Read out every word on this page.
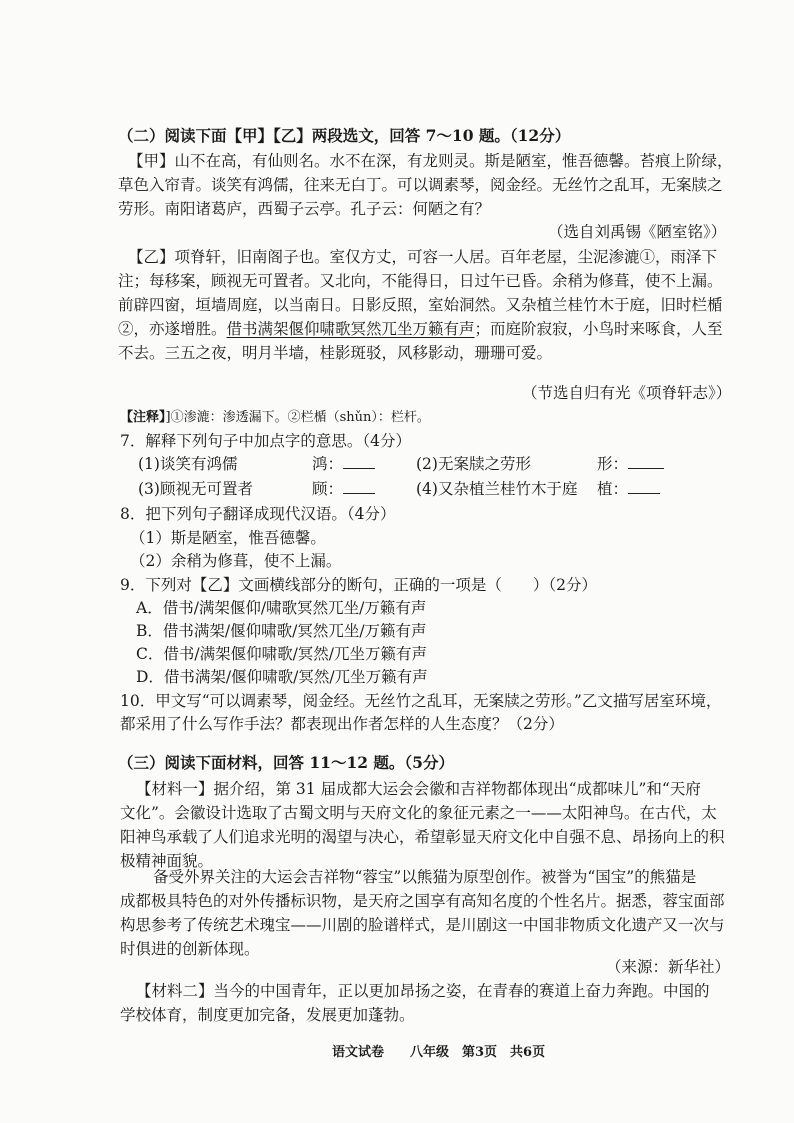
（二）阅读下面【甲】【乙】两段选文，回答 7～10 题。（12分）
【甲】山不在高，有仙则名。水不在深，有龙则灵。斯是陋室，惟吾德馨。苔痕上阶绿，
草色入帘青。谈笑有鸿儒，往来无白丁。可以调素琴，阅金经。无丝竹之乱耳，无案牍之
劳形。南阳诸葛庐，西蜀子云亭。孔子云：何陋之有？
（选自刘禹锡《陋室铭》）
【乙】项脊轩，旧南阁子也。室仅方丈，可容一人居。百年老屋，尘泥渗漉①，雨泽下
注；每移案，顾视无可置者。又北向，不能得日，日过午已昏。余稍为修葺，使不上漏。
前辟四窗，垣墙周庭，以当南日。日影反照，室始洞然。又杂植兰桂竹木于庭，旧时栏楯
②，亦遂增胜。借书满架偃仰啸歌冥然兀坐万籁有声；而庭阶寂寂，小鸟时来啄食，人至
不去。三五之夜，明月半墙，桂影斑驳，风移影动，珊珊可爱。
（节选自归有光《项脊轩志》）
【注释】]①渗漉：渗透漏下。②栏楯（shǔn）：栏杆。
7．解释下列句子中加点字的意思。（4分）
(1)谈笑有鸿儒	鸿：	(2)无案牍之劳形	形：
(3)顾视无可置者	顾：	(4)又杂植兰桂竹木于庭 植：
8．把下列句子翻译成现代汉语。（4分）
（1）斯是陋室，惟吾德馨。
（2）余稍为修葺，使不上漏。
9．下列对【乙】文画横线部分的断句，正确的一项是（　　）（2分）
A．借书/满架偃仰/啸歌冥然兀坐/万籁有声
B．借书满架/偃仰啸歌/冥然兀坐/万籁有声
C．借书/满架偃仰啸歌/冥然/兀坐万籁有声
D．借书满架/偃仰啸歌/冥然/兀坐万籁有声
10．甲文写“可以调素琴，阅金经。无丝竹之乱耳，无案牍之劳形。”乙文描写居室环境，
都采用了什么写作手法？都表现出作者怎样的人生态度？（2分）
（三）阅读下面材料，回答 11～12 题。（5分）
【材料一】据介绍，第 31 届成都大运会会徽和吉祥物都体现出“成都味儿”和“天府
文化”。会徽设计选取了古蜀文明与天府文化的象征元素之一——太阳神鸟。在古代，太
阳神鸟承载了人们追求光明的渴望与决心，希望彰显天府文化中自强不息、昂扬向上的积
极精神面貌。
备受外界关注的大运会吉祥物“蓉宝”以熊猫为原型创作。被誉为“国宝”的熊猫是
成都极具特色的对外传播标识物，是天府之国享有高知名度的个性名片。据悉，蓉宝面部
构思参考了传统艺术瑰宝——川剧的脸谱样式，是川剧这一中国非物质文化遗产又一次与
时俱进的创新体现。
（来源：新华社）
【材料二】当今的中国青年，正以更加昂扬之姿，在青春的赛道上奋力奔跑。中国的
学校体育，制度更加完备，发展更加蓬勃。
语文试卷　　八年级　第3页　共6页
